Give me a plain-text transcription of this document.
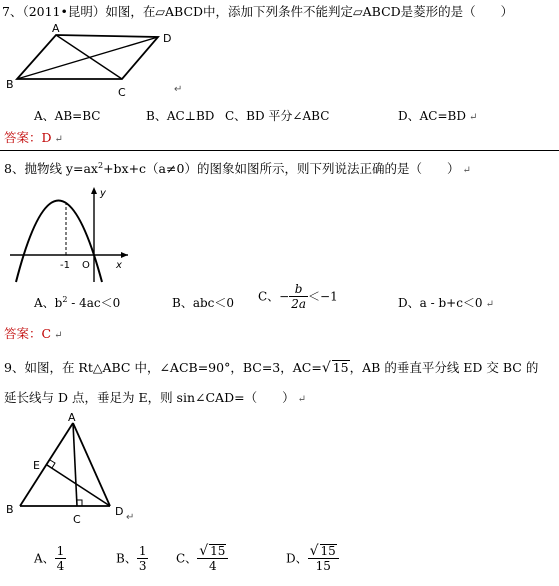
7、（2011•昆明）如图，在▱ABCD中，添加下列条件不能判定▱ABCD是菱形的是（　　）
A
D
B
C	↵
A、AB=BC	B、AC⊥BD C、BD 平分∠ABC	D、AC=BD ↵
答案：D ↵
8、抛物线 $y=ax^2+bx+c(a\ne 0)$的图象如图所示，则下列说法正确的是（　　） ↵
y
x
-1 O
A、$b^2 - 4ac<0$	B、abc＜0 C、− $\frac{b}{2a} <-1$	D、a - b+c＜0 ↵
答案：C ↵
9、如图，在 Rt△ABC 中，∠ACB=90°，BC=3，AC=√ 15，AB 的垂直平分线 ED 交 BC 的
延长线与 D 点，垂足为 E，则 sin∠CAD=（　　） ↵
A
B
C
D
E
↵
A、 $\frac{1}{4}$	B、 $\frac{1}{3}$ C、 $\frac{√ 15}{4}$	D、 $\frac{√ 15}{15}$
